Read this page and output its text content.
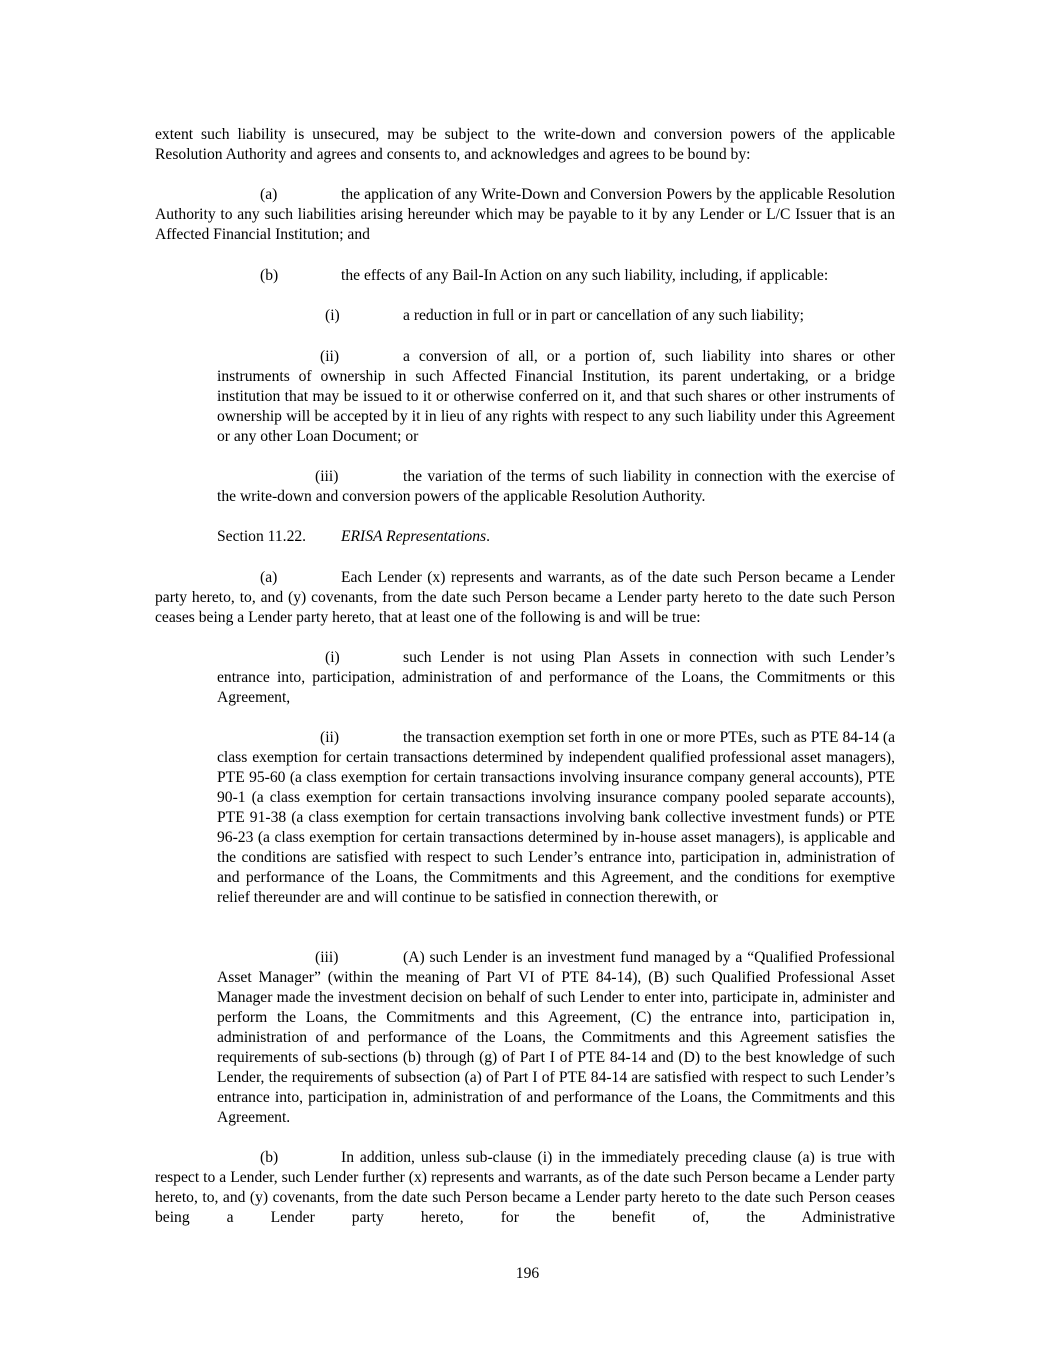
extent such liability is unsecured, may be subject to the write-down and conversion powers of the applicable Resolution Authority and agrees and consents to, and acknowledges and agrees to be bound by:
(a)	the application of any Write-Down and Conversion Powers by the applicable Resolution Authority to any such liabilities arising hereunder which may be payable to it by any Lender or L/C Issuer that is an Affected Financial Institution; and
(b)	the effects of any Bail-In Action on any such liability, including, if applicable:
(i)	a reduction in full or in part or cancellation of any such liability;
(ii)	a conversion of all, or a portion of, such liability into shares or other instruments of ownership in such Affected Financial Institution, its parent undertaking, or a bridge institution that may be issued to it or otherwise conferred on it, and that such shares or other instruments of ownership will be accepted by it in lieu of any rights with respect to any such liability under this Agreement or any other Loan Document; or
(iii)	the variation of the terms of such liability in connection with the exercise of the write-down and conversion powers of the applicable Resolution Authority.
Section 11.22. ERISA Representations.
(a)	Each Lender (x) represents and warrants, as of the date such Person became a Lender party hereto, to, and (y) covenants, from the date such Person became a Lender party hereto to the date such Person ceases being a Lender party hereto, that at least one of the following is and will be true:
(i)	such Lender is not using Plan Assets in connection with such Lender’s entrance into, participation, administration of and performance of the Loans, the Commitments or this Agreement,
(ii)	the transaction exemption set forth in one or more PTEs, such as PTE 84-14 (a class exemption for certain transactions determined by independent qualified professional asset managers), PTE 95-60 (a class exemption for certain transactions involving insurance company general accounts), PTE 90-1 (a class exemption for certain transactions involving insurance company pooled separate accounts), PTE 91-38 (a class exemption for certain transactions involving bank collective investment funds) or PTE 96-23 (a class exemption for certain transactions determined by in-house asset managers), is applicable and the conditions are satisfied with respect to such Lender’s entrance into, participation in, administration of and performance of the Loans, the Commitments and this Agreement, and the conditions for exemptive relief thereunder are and will continue to be satisfied in connection therewith, or
(iii)	(A) such Lender is an investment fund managed by a “Qualified Professional Asset Manager” (within the meaning of Part VI of PTE 84-14), (B) such Qualified Professional Asset Manager made the investment decision on behalf of such Lender to enter into, participate in, administer and perform the Loans, the Commitments and this Agreement, (C) the entrance into, participation in, administration of and performance of the Loans, the Commitments and this Agreement satisfies the requirements of sub-sections (b) through (g) of Part I of PTE 84-14 and (D) to the best knowledge of such Lender, the requirements of subsection (a) of Part I of PTE 84-14 are satisfied with respect to such Lender’s entrance into, participation in, administration of and performance of the Loans, the Commitments and this Agreement.
(b)	In addition, unless sub-clause (i) in the immediately preceding clause (a) is true with respect to a Lender, such Lender further (x) represents and warrants, as of the date such Person became a Lender party hereto, to, and (y) covenants, from the date such Person became a Lender party hereto to the date such Person ceases being a Lender party hereto, for the benefit of, the Administrative
196
